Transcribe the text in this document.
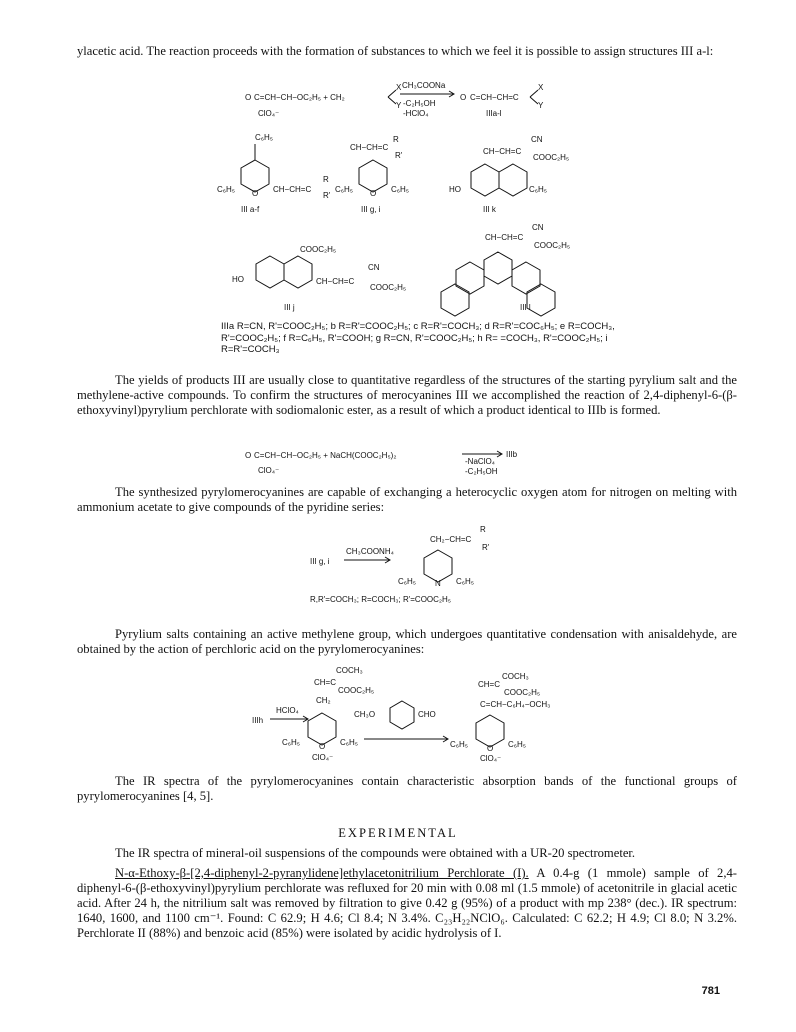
ylacetic acid. The reaction proceeds with the formation of substances to which we feel it is possible to assign structures III a-l:
O C=CH−CH−OC₂H₅ + CH₂
X
Y
CH₃COONa
-C₂H₅OH
-HClO₄
O C=CH−CH=C
X
Y
ClO₄⁻	IIIa-l
C₆H₅
O
C₆H₅	CH−CH=C
R
R'
III a-f
CH−CH=C
R
R'
O
C₆H₅	C₆H₅
III g, i
CH−CH=C
CN
COOC₂H₅
HO	C₆H₅
III k
COOC₂H₅
HO	CH−CH=C
CN
COOC₂H₅
III j
CH−CH=C
CN
COOC₂H₅
III l
IIIa R=CN, R'=COOC₂H₅; b R=R'=COOC₂H₅; c R=R'=COCH₃; d R=R'=COC₆H₅; e R=COCH₃, R'=COOC₂H₅; f R=C₆H₅, R'=COOH; g R=CN, R'=COOC₂H₅; h R= =COCH₃, R'=COOC₂H₅; i R=R'=COCH₃
The yields of products III are usually close to quantitative regardless of the structures of the starting pyrylium salt and the methylene-active compounds. To confirm the structures of merocyanines III we accomplished the reaction of 2,4-diphenyl-6-(β-ethoxyvinyl)pyrylium perchlorate with sodiomalonic ester, as a result of which a product identical to IIIb is formed.
O C=CH−CH−OC₂H₅ + NaCH(COOC₂H₅)₂
-NaClO₄
-C₂H₅OH
IIIb
ClO₄⁻
The synthesized pyrylomerocyanines are capable of exchanging a heterocyclic oxygen atom for nitrogen on melting with ammonium acetate to give compounds of the pyridine series:
III g, i
CH₃COONH₄
CH₂−CH=C
R
R'
N
C₆H₅	C₆H₅
R,R'=COCH₃; R=COCH₃; R'=COOC₂H₅
Pyrylium salts containing an active methylene group, which undergoes quantitative condensation with anisaldehyde, are obtained by the action of perchloric acid on the pyrylomerocyanines:
IIIh
HClO₄
COCH₃
CH=C
COOC₂H₅
CH₂
O
C₆H₅	C₆H₅
ClO₄⁻
CH₃O	CHO
COCH₃
CH=C
COOC₂H₅
C=CH−C₆H₄−OCH₃
O
C₆H₅	C₆H₅
ClO₄⁻
The IR spectra of the pyrylomerocyanines contain characteristic absorption bands of the functional groups of pyrylomerocyanines [4, 5].
EXPERIMENTAL
The IR spectra of mineral-oil suspensions of the compounds were obtained with a UR-20 spectrometer.
N-α-Ethoxy-β-[2,4-diphenyl-2-pyranylidene]ethylacetonitrilium Perchlorate (I). A 0.4-g (1 mmole) sample of 2,4-diphenyl-6-(β-ethoxyvinyl)pyrylium perchlorate was refluxed for 20 min with 0.08 ml (1.5 mmole) of acetonitrile in glacial acetic acid. After 24 h, the nitrilium salt was removed by filtration to give 0.42 g (95%) of a product with mp 238° (dec.). IR spectrum: 1640, 1600, and 1100 cm⁻¹. Found: C 62.9; H 4.6; Cl 8.4; N 3.4%. C₂₃H₂₂NClO₆. Calculated: C 62.2; H 4.9; Cl 8.0; N 3.2%. Perchlorate II (88%) and benzoic acid (85%) were isolated by acidic hydrolysis of I.
781
